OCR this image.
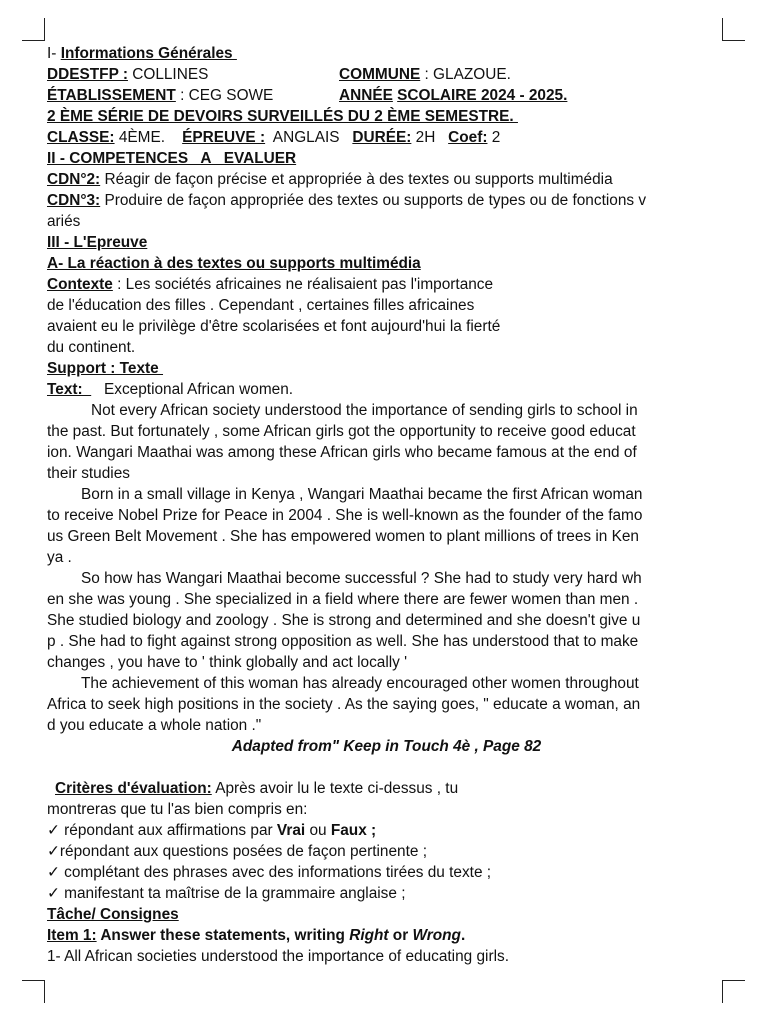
I- Informations Générales
DDESTFP : COLLINES	COMMUNE : GLAZOUE.
ÉTABLISSEMENT : CEG SOWE	ANNÉE SCOLAIRE 2024 - 2025.
2 ÈME SÉRIE DE DEVOIRS SURVEILLÉS DU 2 ÈME SEMESTRE.
CLASSE: 4ÈME. ÉPREUVE :  ANGLAIS DURÉE: 2H Coef: 2
II - COMPETENCES   A   EVALUER
CDN°2: Réagir de façon précise et appropriée à des textes ou supports multimédia
CDN°3: Produire de façon appropriée des textes ou supports de types ou de fonctions v
ariés
III - L'Epreuve
A- La réaction à des textes ou supports multimédia
Contexte : Les sociétés africaines ne réalisaient pas l'importance
de l'éducation des filles . Cependant , certaines filles africaines
avaient eu le privilège d'être scolarisées et font aujourd'hui la fierté
du continent.
Support : Texte
Text:     Exceptional African women.
Not every African society understood the importance of sending girls to school in
the past. But fortunately , some African girls got the opportunity to receive good educat
ion. Wangari Maathai was among these African girls who became famous at the end of
their studies
Born in a small village in Kenya , Wangari Maathai became the first African woman
to receive Nobel Prize for Peace in 2004 . She is well-known as the founder of the famo
us Green Belt Movement . She has empowered women to plant millions of trees in Ken
ya .
So how has Wangari Maathai become successful ? She had to study very hard wh
en she was young . She specialized in a field where there are fewer women than men .
She studied biology and zoology . She is strong and determined and she doesn't give u
p . She had to fight against strong opposition as well. She has understood that to make
changes , you have to ' think globally and act locally '
The achievement of this woman has already encouraged other women throughout
Africa to seek high positions in the society . As the saying goes, " educate a woman, an
d you educate a whole nation ."
Adapted from" Keep in Touch 4è , Page 82
Critères d'évaluation: Après avoir lu le texte ci-dessus , tu
montreras que tu l'as bien compris en:
✓ répondant aux affirmations par Vrai ou Faux ;
✓répondant aux questions posées de façon pertinente ;
✓ complétant des phrases avec des informations tirées du texte ;
✓ manifestant ta maîtrise de la grammaire anglaise ;
Tâche/ Consignes
Item 1: Answer these statements, writing Right or Wrong.
1- All African societies understood the importance of educating girls.
